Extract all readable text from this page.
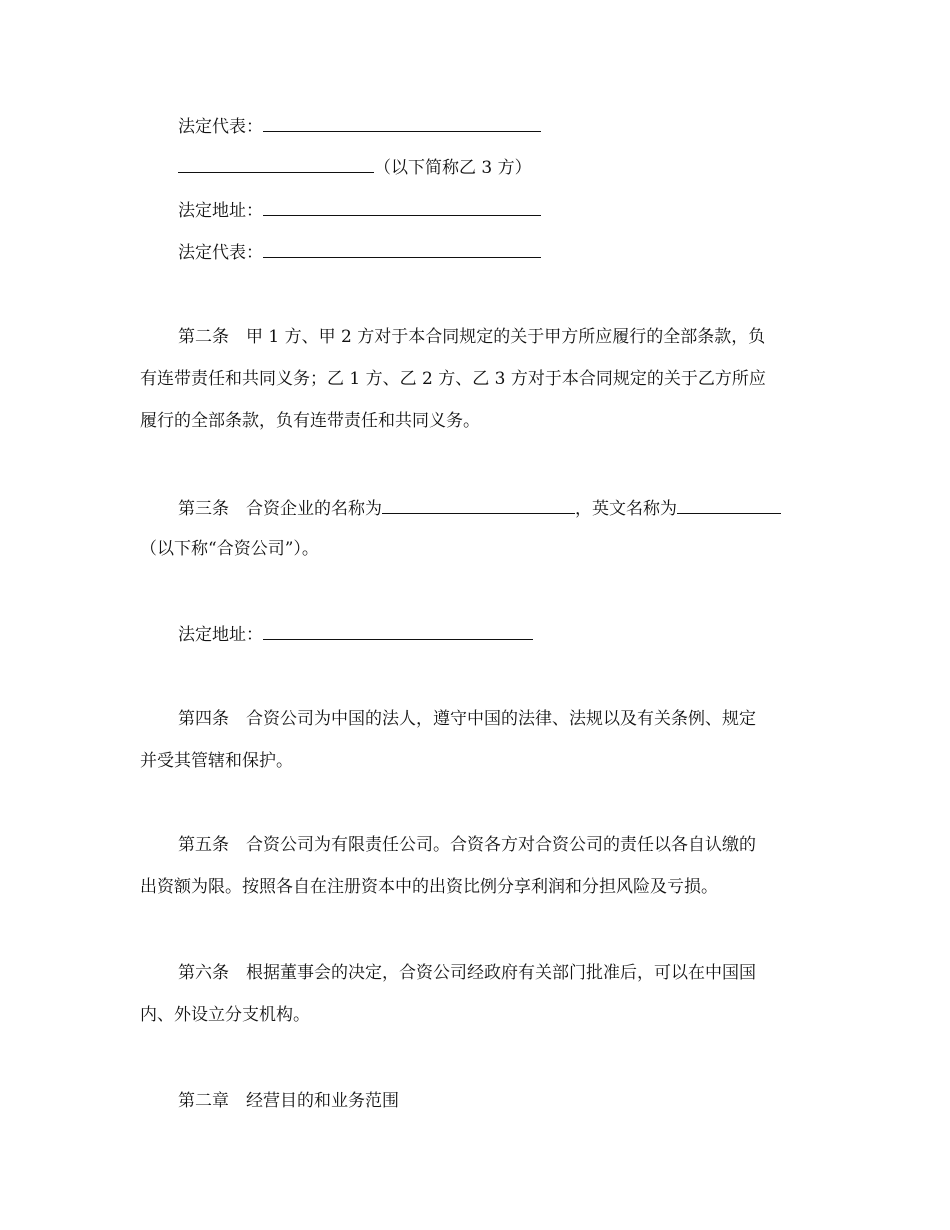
法定代表：
（以下简称乙 3 方）
法定地址：
法定代表：
第二条 甲 1 方、甲 2 方对于本合同规定的关于甲方所应履行的全部条款，负
有连带责任和共同义务；乙 1 方、乙 2 方、乙 3 方对于本合同规定的关于乙方所应
履行的全部条款，负有连带责任和共同义务。
第三条 合资企业的名称为	，英文名称为
（以下称“合资公司”）。
法定地址：
第四条 合资公司为中国的法人，遵守中国的法律、法规以及有关条例、规定
并受其管辖和保护。
第五条 合资公司为有限责任公司。合资各方对合资公司的责任以各自认缴的
出资额为限。按照各自在注册资本中的出资比例分享利润和分担风险及亏损。
第六条 根据董事会的决定，合资公司经政府有关部门批准后，可以在中国国
内、外设立分支机构。
第二章 经营目的和业务范围
